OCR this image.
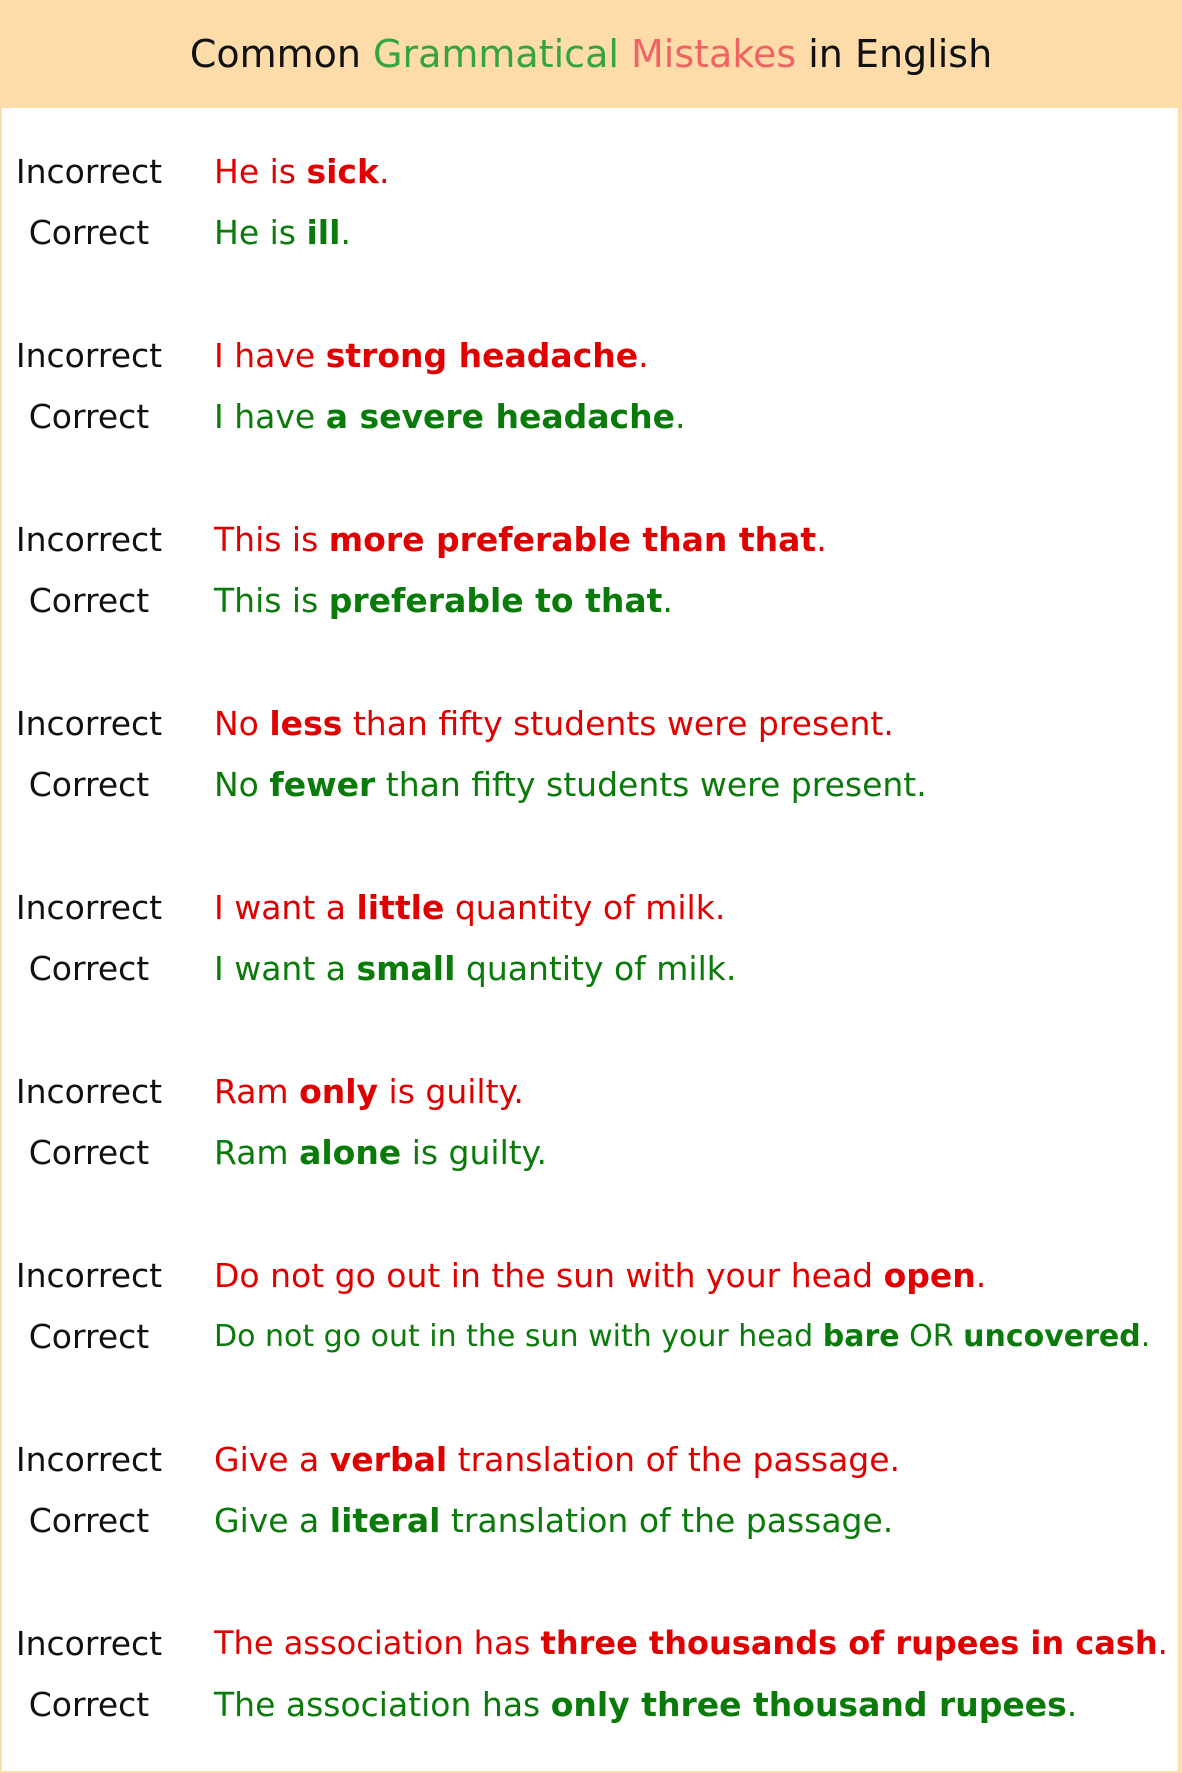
Common Grammatical Mistakes in English
Incorrect	He is sick.
Correct	He is ill.
Incorrect	I have strong headache.
Correct	I have a severe headache.
Incorrect	This is more preferable than that.
Correct	This is preferable to that.
Incorrect	No less than fifty students were present.
Correct	No fewer than fifty students were present.
Incorrect	I want a little quantity of milk.
Correct	I want a small quantity of milk.
Incorrect	Ram only is guilty.
Correct	Ram alone is guilty.
Incorrect	Do not go out in the sun with your head open.
Correct	Do not go out in the sun with your head bare OR uncovered.
Incorrect	Give a verbal translation of the passage.
Correct	Give a literal translation of the passage.
Incorrect	The association has three thousands of rupees in cash.
Correct	The association has only three thousand rupees.
